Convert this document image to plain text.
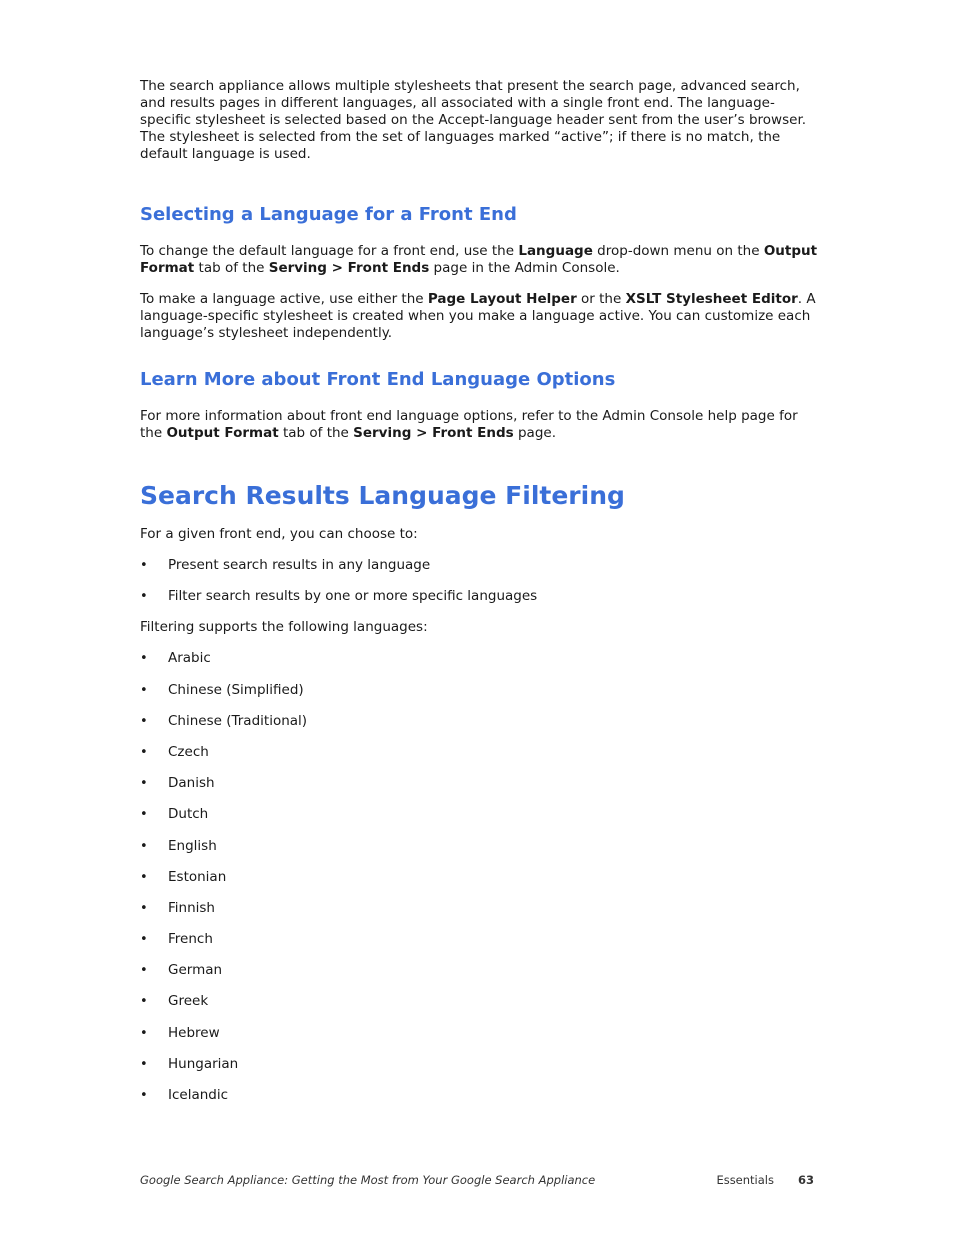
The search appliance allows multiple stylesheets that present the search page, advanced search, and results pages in different languages, all associated with a single front end. The language-specific stylesheet is selected based on the Accept-language header sent from the user’s browser. The stylesheet is selected from the set of languages marked “active”; if there is no match, the default language is used.

Selecting a Language for a Front End

To change the default language for a front end, use the Language drop-down menu on the Output Format tab of the Serving > Front Ends page in the Admin Console.

To make a language active, use either the Page Layout Helper or the XSLT Stylesheet Editor. A language-specific stylesheet is created when you make a language active. You can customize each language’s stylesheet independently.

Learn More about Front End Language Options

For more information about front end language options, refer to the Admin Console help page for the Output Format tab of the Serving > Front Ends page.

Search Results Language Filtering

For a given front end, you can choose to:

• Present search results in any language
• Filter search results by one or more specific languages

Filtering supports the following languages:

• Arabic
• Chinese (Simplified)
• Chinese (Traditional)
• Czech
• Danish
• Dutch
• English
• Estonian
• Finnish
• French
• German
• Greek
• Hebrew
• Hungarian
• Icelandic
Google Search Appliance: Getting the Most from Your Google Search Appliance	Essentials 63
